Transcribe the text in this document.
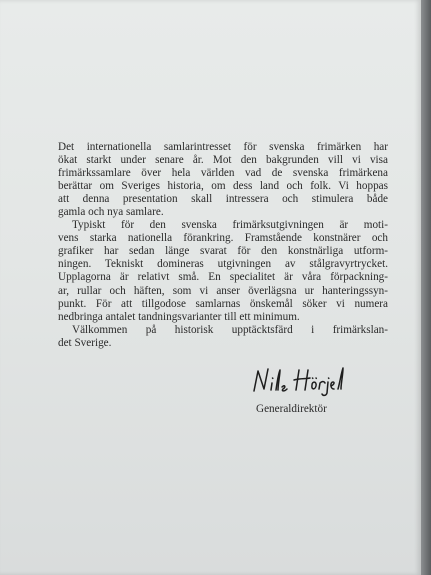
Det internationella samlarintresset för svenska frimärken har
ökat starkt under senare år. Mot den bakgrunden vill vi visa
frimärkssamlare över hela världen vad de svenska frimärkena
berättar om Sveriges historia, om dess land och folk. Vi hoppas
att denna presentation skall intressera och stimulera både
gamla och nya samlare.
Typiskt för den svenska frimärksutgivningen är moti-
vens starka nationella förankring. Framstående konstnärer och
grafiker har sedan länge svarat för den konstnärliga utform-
ningen. Tekniskt domineras utgivningen av stålgravyrtrycket.
Upplagorna är relativt små. En specialitet är våra förpackning-
ar, rullar och häften, som vi anser överlägsna ur hanteringssyn-
punkt. För att tillgodose samlarnas önskemål söker vi numera
nedbringa antalet tandningsvarianter till ett minimum.
Välkommen på historisk upptäcktsfärd i frimärkslan-
det Sverige.
Generaldirektör
